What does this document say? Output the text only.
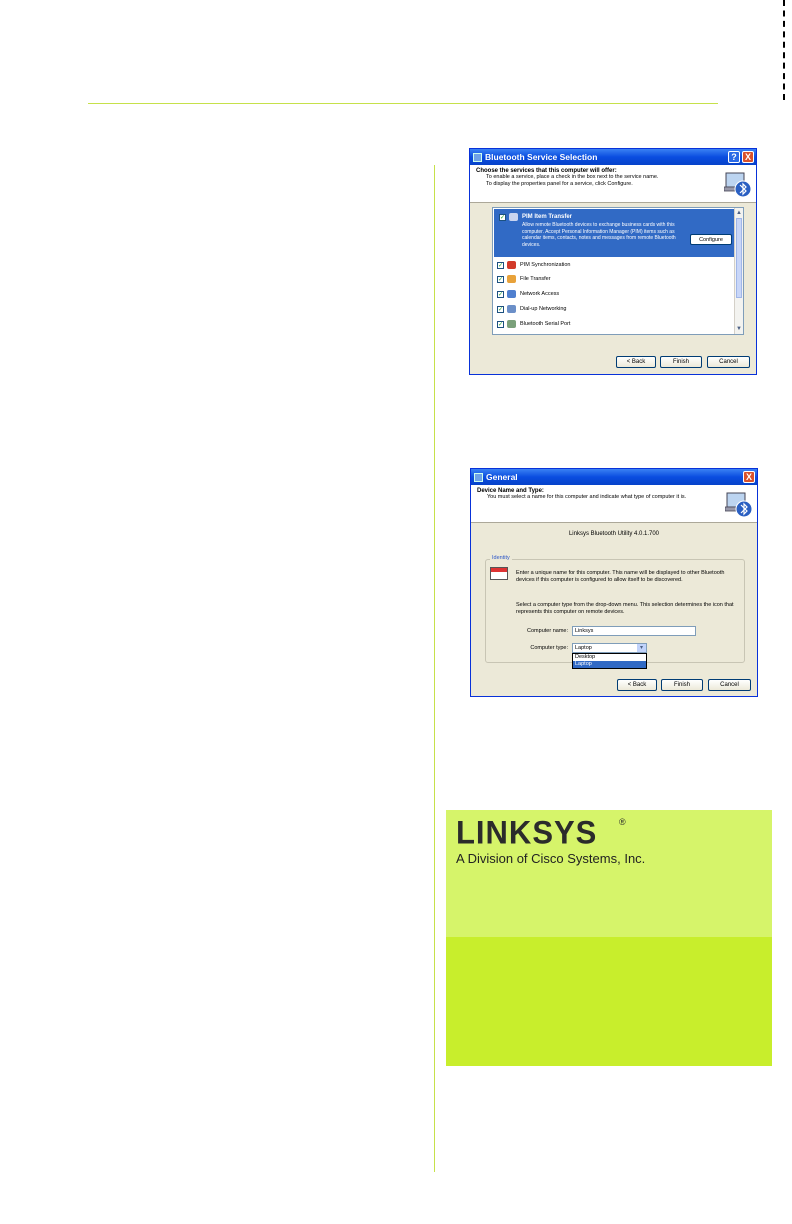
Bluetooth Service Selection	? X
Choose the services that this computer will offer:
To enable a service, place a check in the box next to the service name.
To display the properties panel for a service, click Configure.
✓	PIM Item Transfer
Allow remote Bluetooth devices to exchange business cards with this computer. Accept Personal Information Manager (PIM) items such as calendar items, contacts, notes and messages from remote Bluetooth devices.
Configure
✓	PIM Synchronization
✓	File Transfer
✓	Network Access
✓	Dial-up Networking
✓	Bluetooth Serial Port
▲
▼
< Back	Finish	Cancel
General	X
Device Name and Type:
You must select a name for this computer and indicate what type of computer it is.
Linksys Bluetooth Utility 4.0.1.700
Identity
Enter a unique name for this computer. This name will be displayed to other Bluetooth devices if this computer is configured to allow itself to be discovered.
Select a computer type from the drop-down menu. This selection determines the icon that represents this computer on remote devices.
Computer name:	Linksys
Computer type: Laptop	▾
Desktop
Laptop
< Back	Finish	Cancel
LINKSYS ®
A Division of Cisco Systems, Inc.
